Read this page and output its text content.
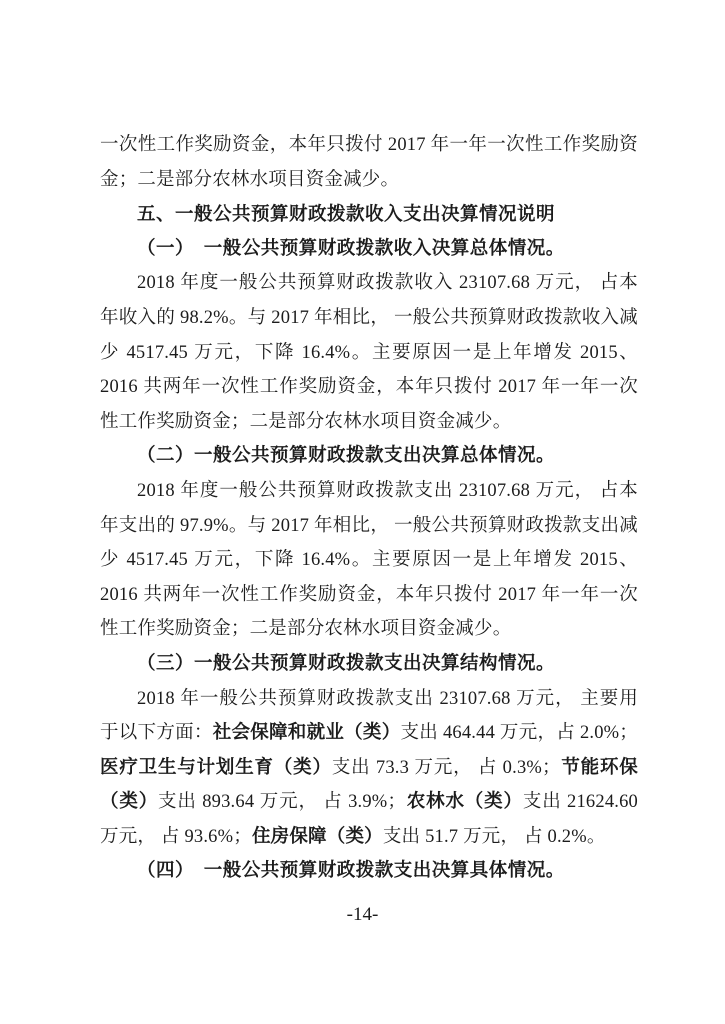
一次性工作奖励资金，本年只拨付 2017 年一年一次性工作奖励资金；二是部分农林水项目资金减少。
五、一般公共预算财政拨款收入支出决算情况说明
（一）　一般公共预算财政拨款收入决算总体情况。
2018 年度一般公共预算财政拨款收入 23107.68 万元， 占本年收入的 98.2%。与 2017 年相比， 一般公共预算财政拨款收入减少 4517.45 万元，下降 16.4%。主要原因一是上年增发 2015、2016 共两年一次性工作奖励资金，本年只拨付 2017 年一年一次性工作奖励资金；二是部分农林水项目资金减少。
（二）一般公共预算财政拨款支出决算总体情况。
2018 年度一般公共预算财政拨款支出 23107.68 万元， 占本年支出的 97.9%。与 2017 年相比， 一般公共预算财政拨款支出减少 4517.45 万元，下降 16.4%。主要原因一是上年增发 2015、2016 共两年一次性工作奖励资金，本年只拨付 2017 年一年一次性工作奖励资金；二是部分农林水项目资金减少。
（三）一般公共预算财政拨款支出决算结构情况。
2018 年一般公共预算财政拨款支出 23107.68 万元， 主要用于以下方面：社会保障和就业（类）支出 464.44 万元，占 2.0%；医疗卫生与计划生育（类）支出 73.3 万元， 占 0.3%；节能环保（类）支出 893.64 万元， 占 3.9%；农林水（类）支出 21624.60 万元， 占 93.6%；住房保障（类）支出 51.7 万元， 占 0.2%。
（四）　一般公共预算财政拨款支出决算具体情况。
-14-
